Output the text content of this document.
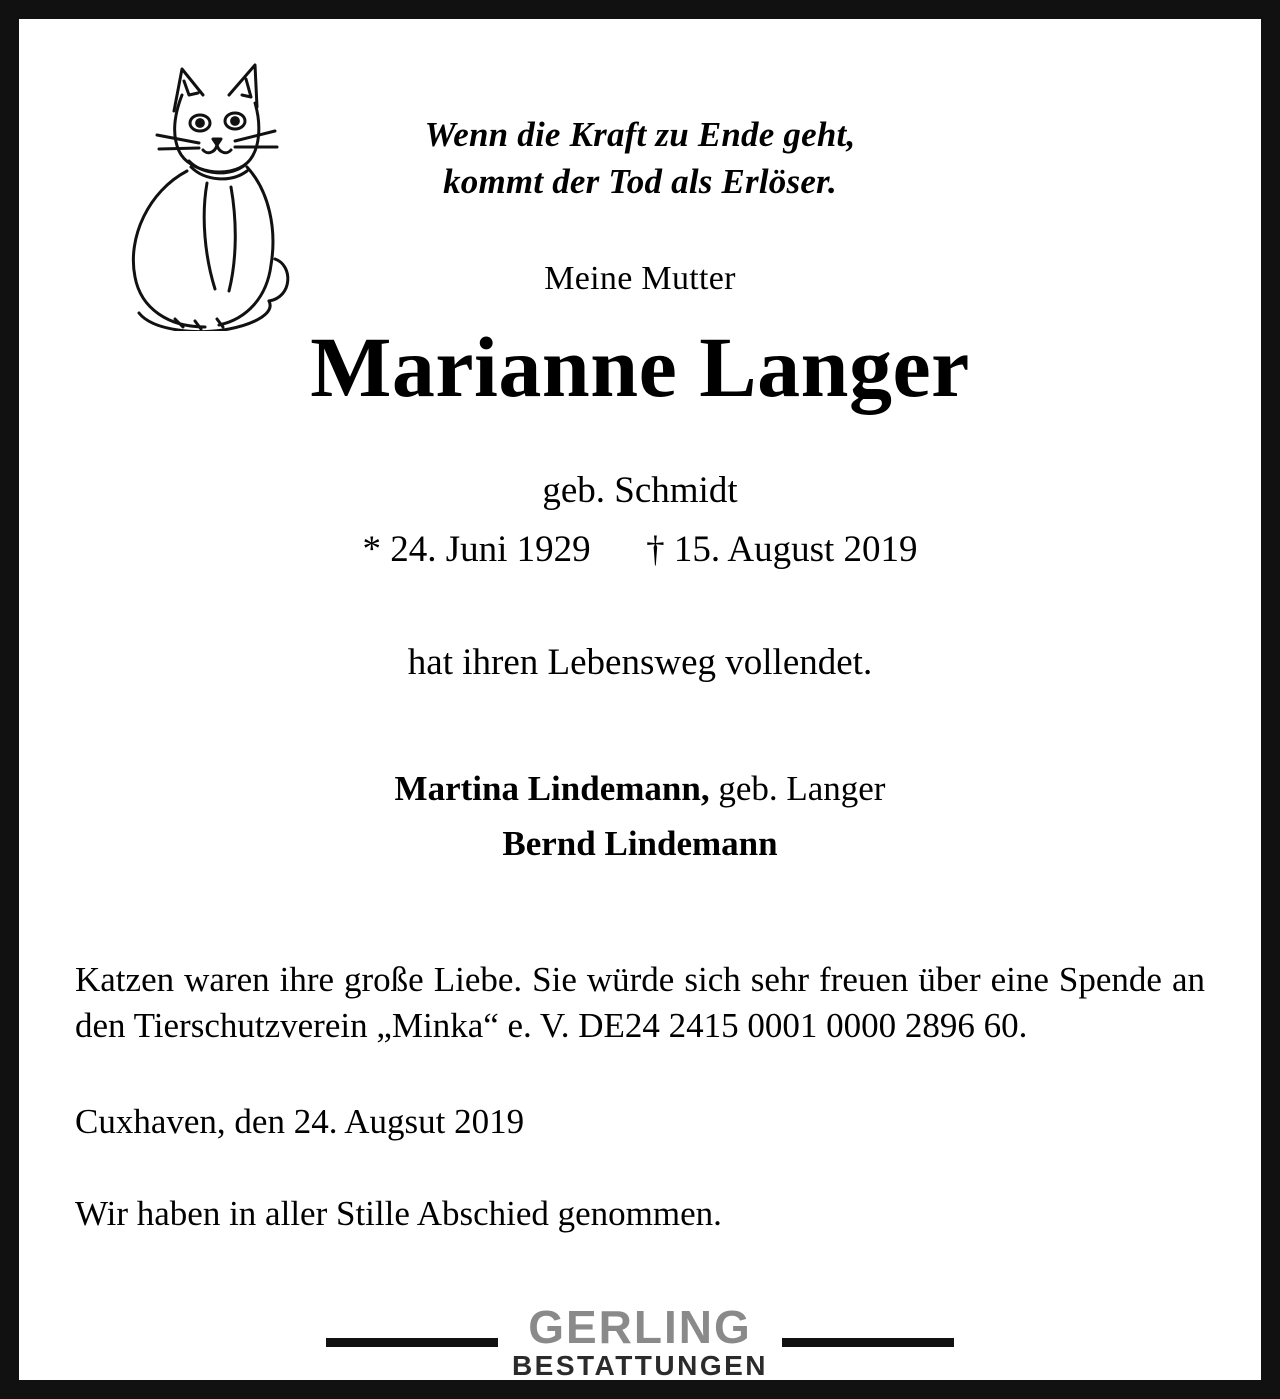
Wenn die Kraft zu Ende geht,
kommt der Tod als Erlöser.

Meine Mutter
Marianne Langer
geb. Schmidt
* 24. Juni 1929      † 15. August 2019
hat ihren Lebensweg vollendet.
Martina Lindemann, geb. Langer
Bernd Lindemann

Katzen waren ihre große Liebe. Sie würde sich sehr freuen über eine Spende an den Tierschutzverein „Minka“ e. V. DE24 2415 0001 0000 2896 60.

Cuxhaven, den 24. Augsut 2019

Wir haben in aller Stille Abschied genommen.

GERLING
BESTATTUNGEN
